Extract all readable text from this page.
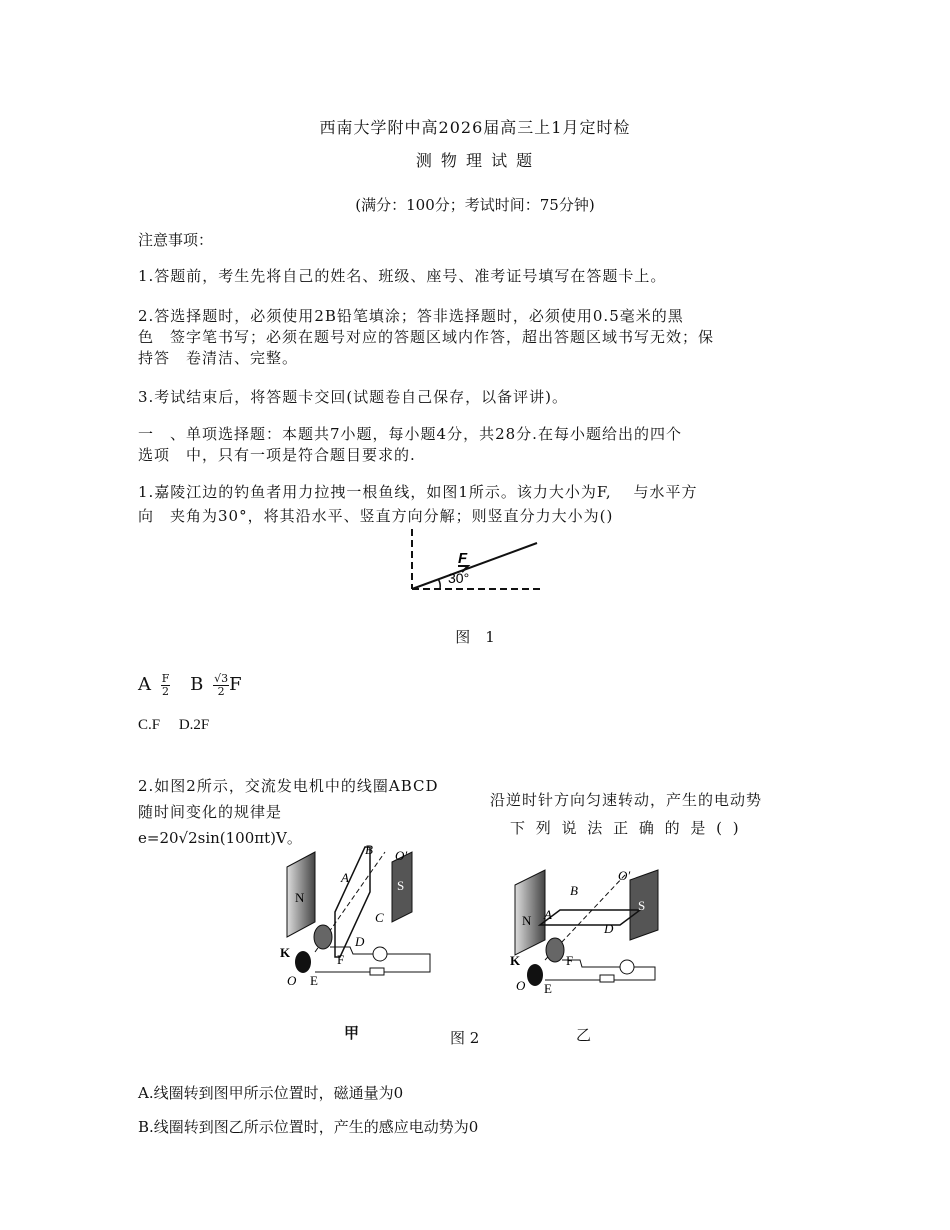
西南大学附中高2026届高三上1月定时检
测 物 理 试 题
(满分：100分；考试时间：75分钟)
注意事项：
1.答题前，考生先将自己的姓名、班级、座号、准考证号填写在答题卡上。
2.答选择题时，必须使用2B铅笔填涂；答非选择题时，必须使用0.5毫米的黑
色　签字笔书写；必须在题号对应的答题区域内作答，超出答题区域书写无效；保
持答　卷清洁、完整。
3.考试结束后，将答题卡交回(试题卷自己保存，以备评讲)。
一　、单项选择题：本题共7小题，每小题4分，共28分.在每小题给出的四个
选项　中，只有一项是符合题目要求的.
1.嘉陵江边的钓鱼者用力拉拽一根鱼线，如图1所示。该力大小为F,　 与水平方
向　夹角为30°，将其沿水平、竖直方向分解；则竖直分力大小为()
F
30°
图　1
A $\frac{F}{2}$ B $\frac{√3}{2}$ F
C.F　 D.2F
2.如图2所示，交流发电机中的线圈ABCD
沿逆时针方向匀速转动，产生的电动势
随时间变化的规律是
下 列 说 法 正 确 的 是 ( )
e=20√2sin(100πt)V。
N
S
A
B
C
D
O′
K	F
O E
N
S
B
A
D
O′
K	F
O E
甲	图 2	乙
A.线圈转到图甲所示位置时，磁通量为0
B.线圈转到图乙所示位置时，产生的感应电动势为0
